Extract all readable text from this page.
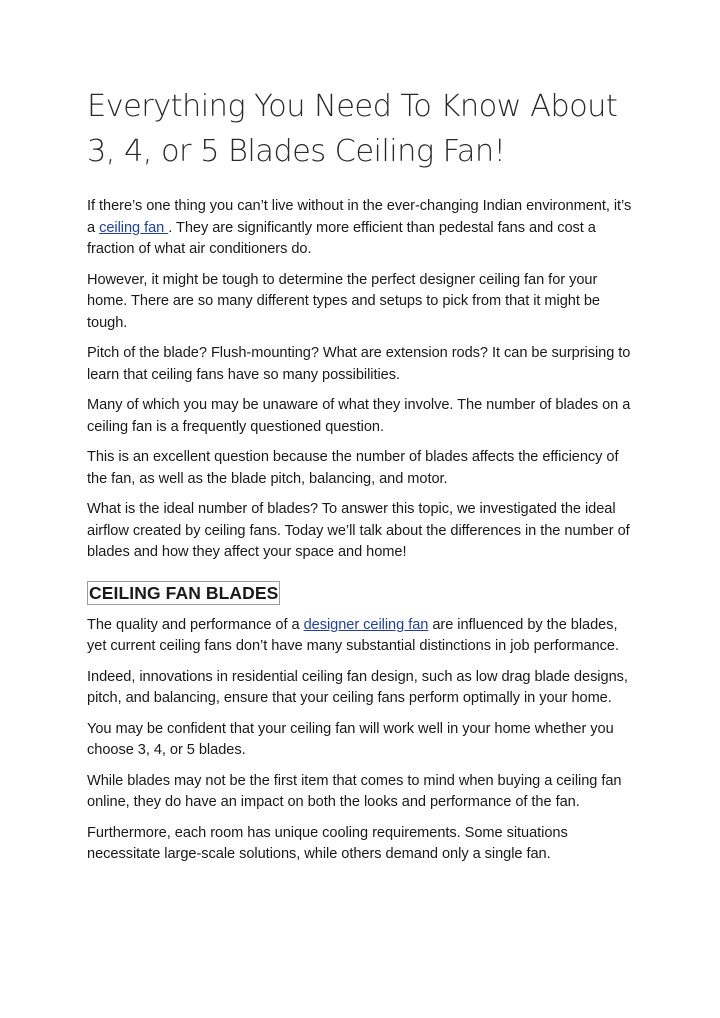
Everything You Need To Know About 3, 4, or 5 Blades Ceiling Fan!

If there’s one thing you can’t live without in the ever-changing Indian environment, it’s a ceiling fan . They are significantly more efficient than pedestal fans and cost a fraction of what air conditioners do.

However, it might be tough to determine the perfect designer ceiling fan for your home. There are so many different types and setups to pick from that it might be tough.

Pitch of the blade? Flush-mounting? What are extension rods? It can be surprising to learn that ceiling fans have so many possibilities.

Many of which you may be unaware of what they involve. The number of blades on a ceiling fan is a frequently questioned question.

This is an excellent question because the number of blades affects the efficiency of the fan, as well as the blade pitch, balancing, and motor.

What is the ideal number of blades? To answer this topic, we investigated the ideal airflow created by ceiling fans. Today we’ll talk about the differences in the number of blades and how they affect your space and home!

CEILING FAN BLADES

The quality and performance of a designer ceiling fan are influenced by the blades, yet current ceiling fans don’t have many substantial distinctions in job performance.

Indeed, innovations in residential ceiling fan design, such as low drag blade designs, pitch, and balancing, ensure that your ceiling fans perform optimally in your home.

You may be confident that your ceiling fan will work well in your home whether you choose 3, 4, or 5 blades.

While blades may not be the first item that comes to mind when buying a ceiling fan online, they do have an impact on both the looks and performance of the fan.

Furthermore, each room has unique cooling requirements. Some situations necessitate large-scale solutions, while others demand only a single fan.
